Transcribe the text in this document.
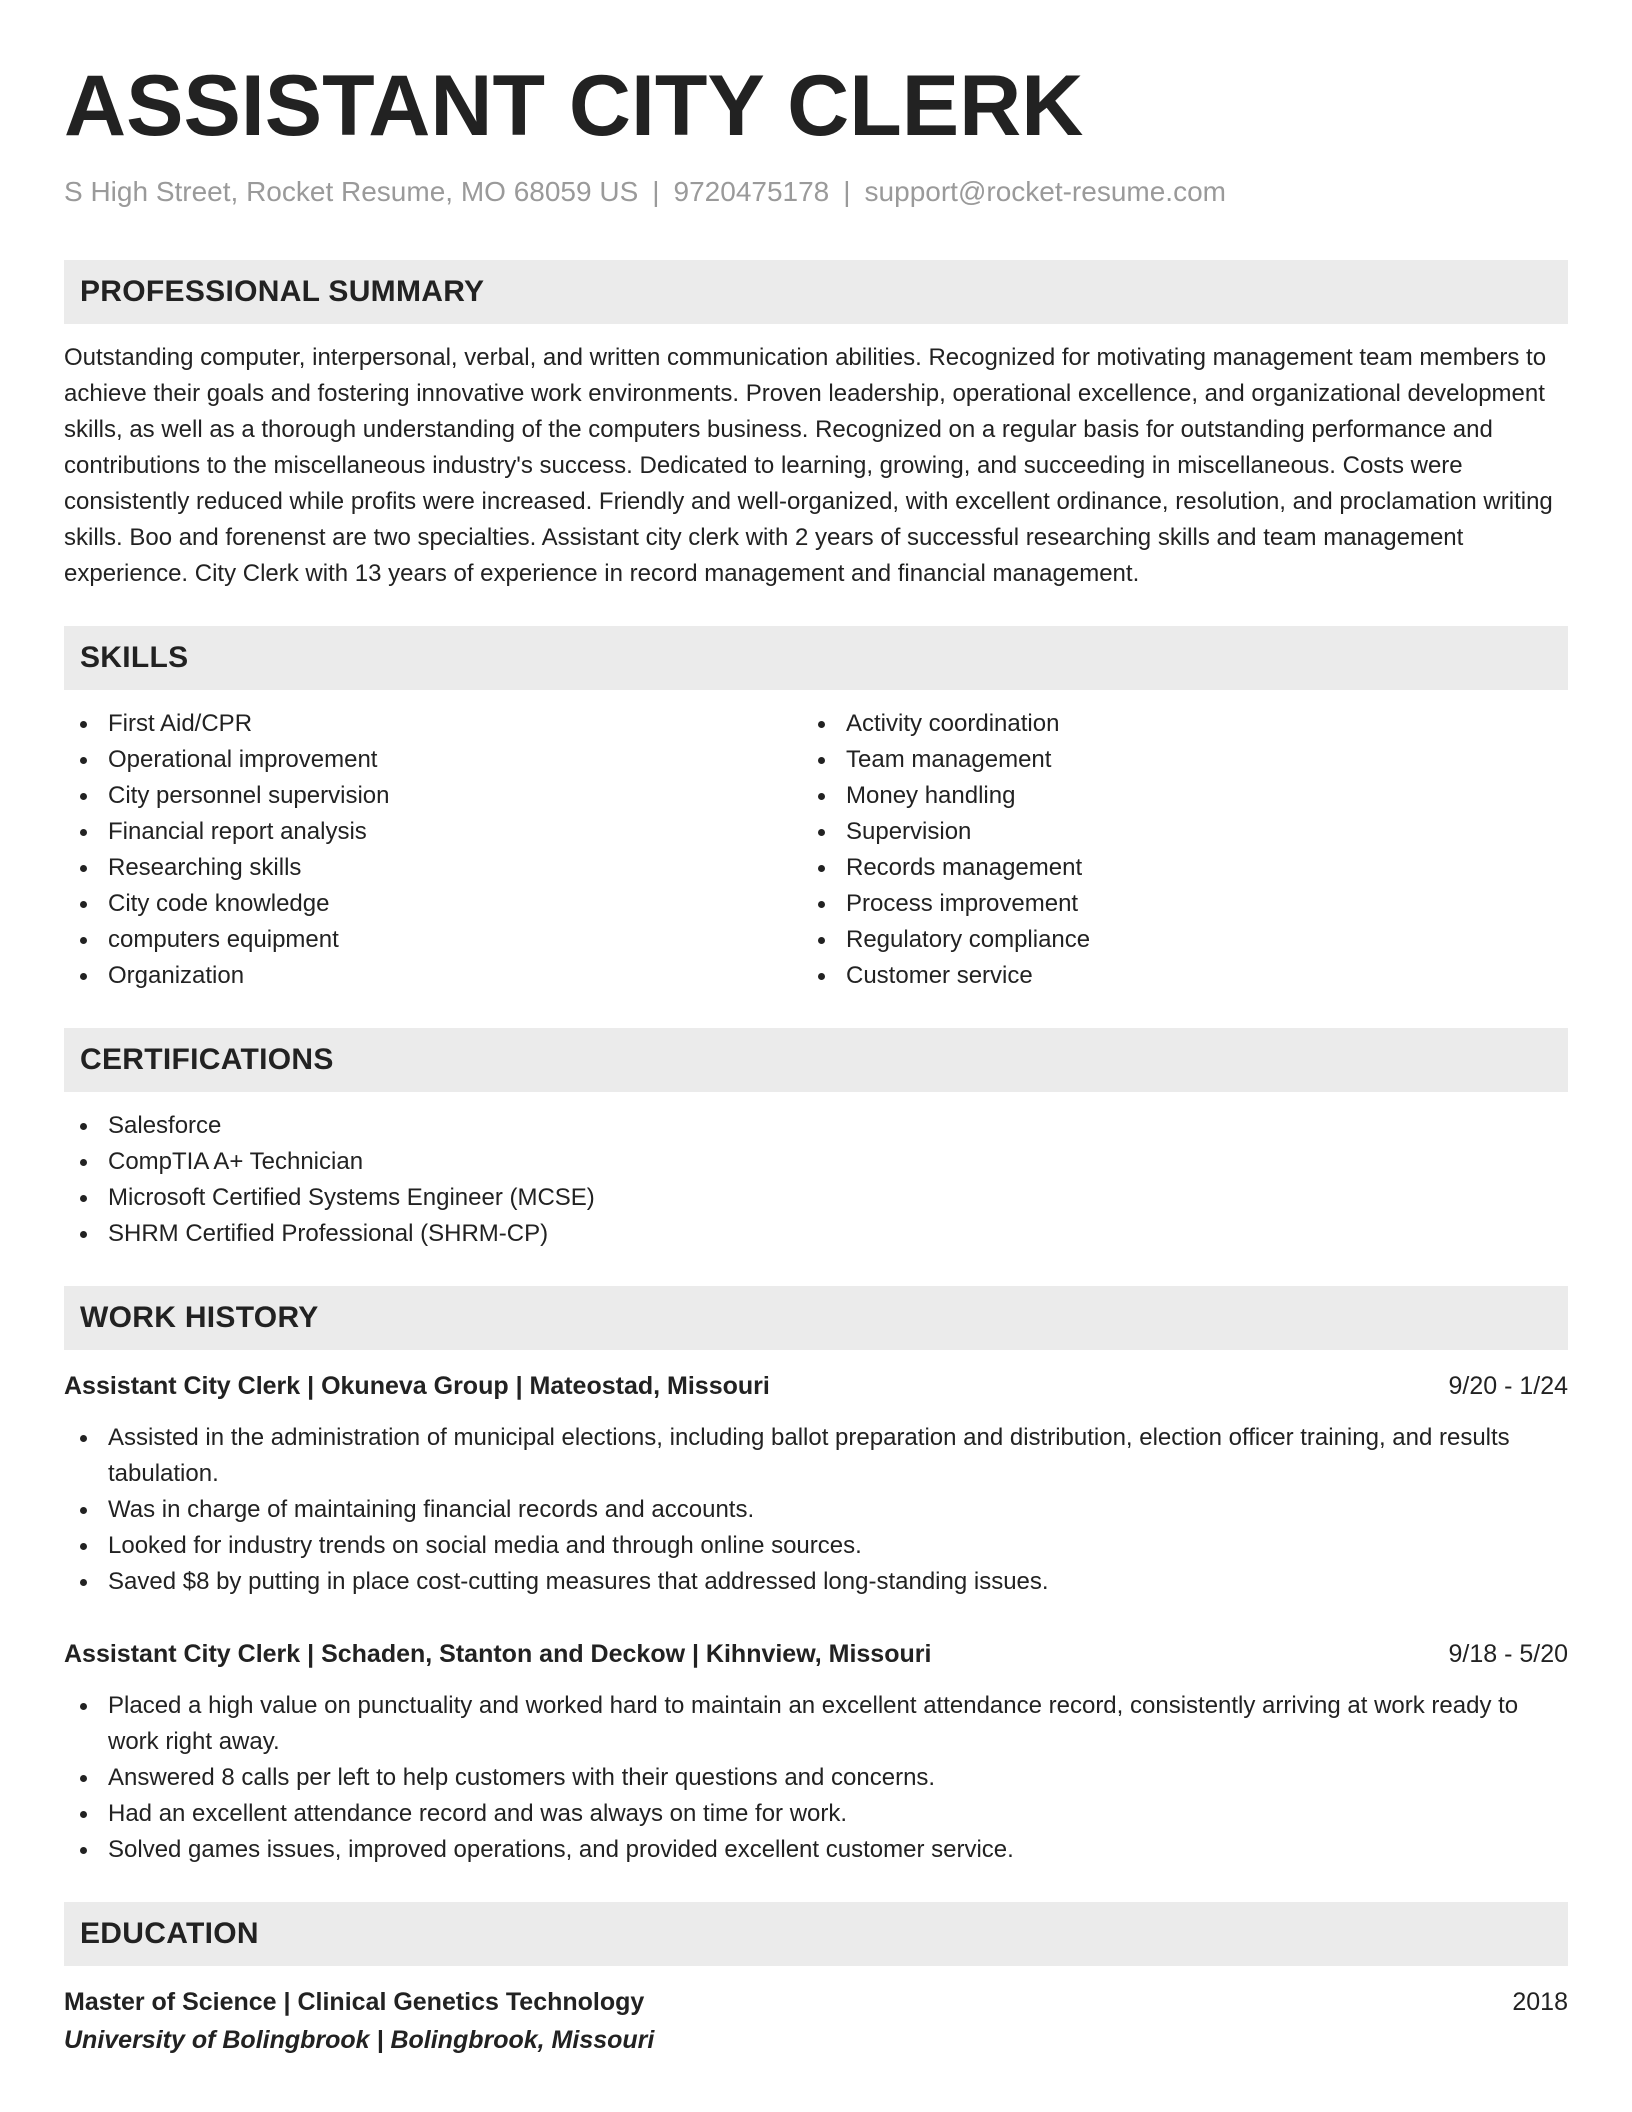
ASSISTANT CITY CLERK
S High Street, Rocket Resume, MO 68059 US | 9720475178 | support@rocket-resume.com
PROFESSIONAL SUMMARY
Outstanding computer, interpersonal, verbal, and written communication abilities. Recognized for motivating management team members to achieve their goals and fostering innovative work environments. Proven leadership, operational excellence, and organizational development skills, as well as a thorough understanding of the computers business. Recognized on a regular basis for outstanding performance and contributions to the miscellaneous industry's success. Dedicated to learning, growing, and succeeding in miscellaneous. Costs were consistently reduced while profits were increased. Friendly and well-organized, with excellent ordinance, resolution, and proclamation writing skills. Boo and forenenst are two specialties. Assistant city clerk with 2 years of successful researching skills and team management experience. City Clerk with 13 years of experience in record management and financial management.
SKILLS
First Aid/CPR
Operational improvement
City personnel supervision
Financial report analysis
Researching skills
City code knowledge
computers equipment
Organization
Activity coordination
Team management
Money handling
Supervision
Records management
Process improvement
Regulatory compliance
Customer service
CERTIFICATIONS
Salesforce
CompTIA A+ Technician
Microsoft Certified Systems Engineer (MCSE)
SHRM Certified Professional (SHRM-CP)
WORK HISTORY
Assistant City Clerk | Okuneva Group | Mateostad, Missouri	9/20 - 1/24
Assisted in the administration of municipal elections, including ballot preparation and distribution, election officer training, and results tabulation.
Was in charge of maintaining financial records and accounts.
Looked for industry trends on social media and through online sources.
Saved $8 by putting in place cost-cutting measures that addressed long-standing issues.
Assistant City Clerk | Schaden, Stanton and Deckow | Kihnview, Missouri	9/18 - 5/20
Placed a high value on punctuality and worked hard to maintain an excellent attendance record, consistently arriving at work ready to work right away.
Answered 8 calls per left to help customers with their questions and concerns.
Had an excellent attendance record and was always on time for work.
Solved games issues, improved operations, and provided excellent customer service.
EDUCATION
Master of Science | Clinical Genetics Technology	2018
University of Bolingbrook | Bolingbrook, Missouri
